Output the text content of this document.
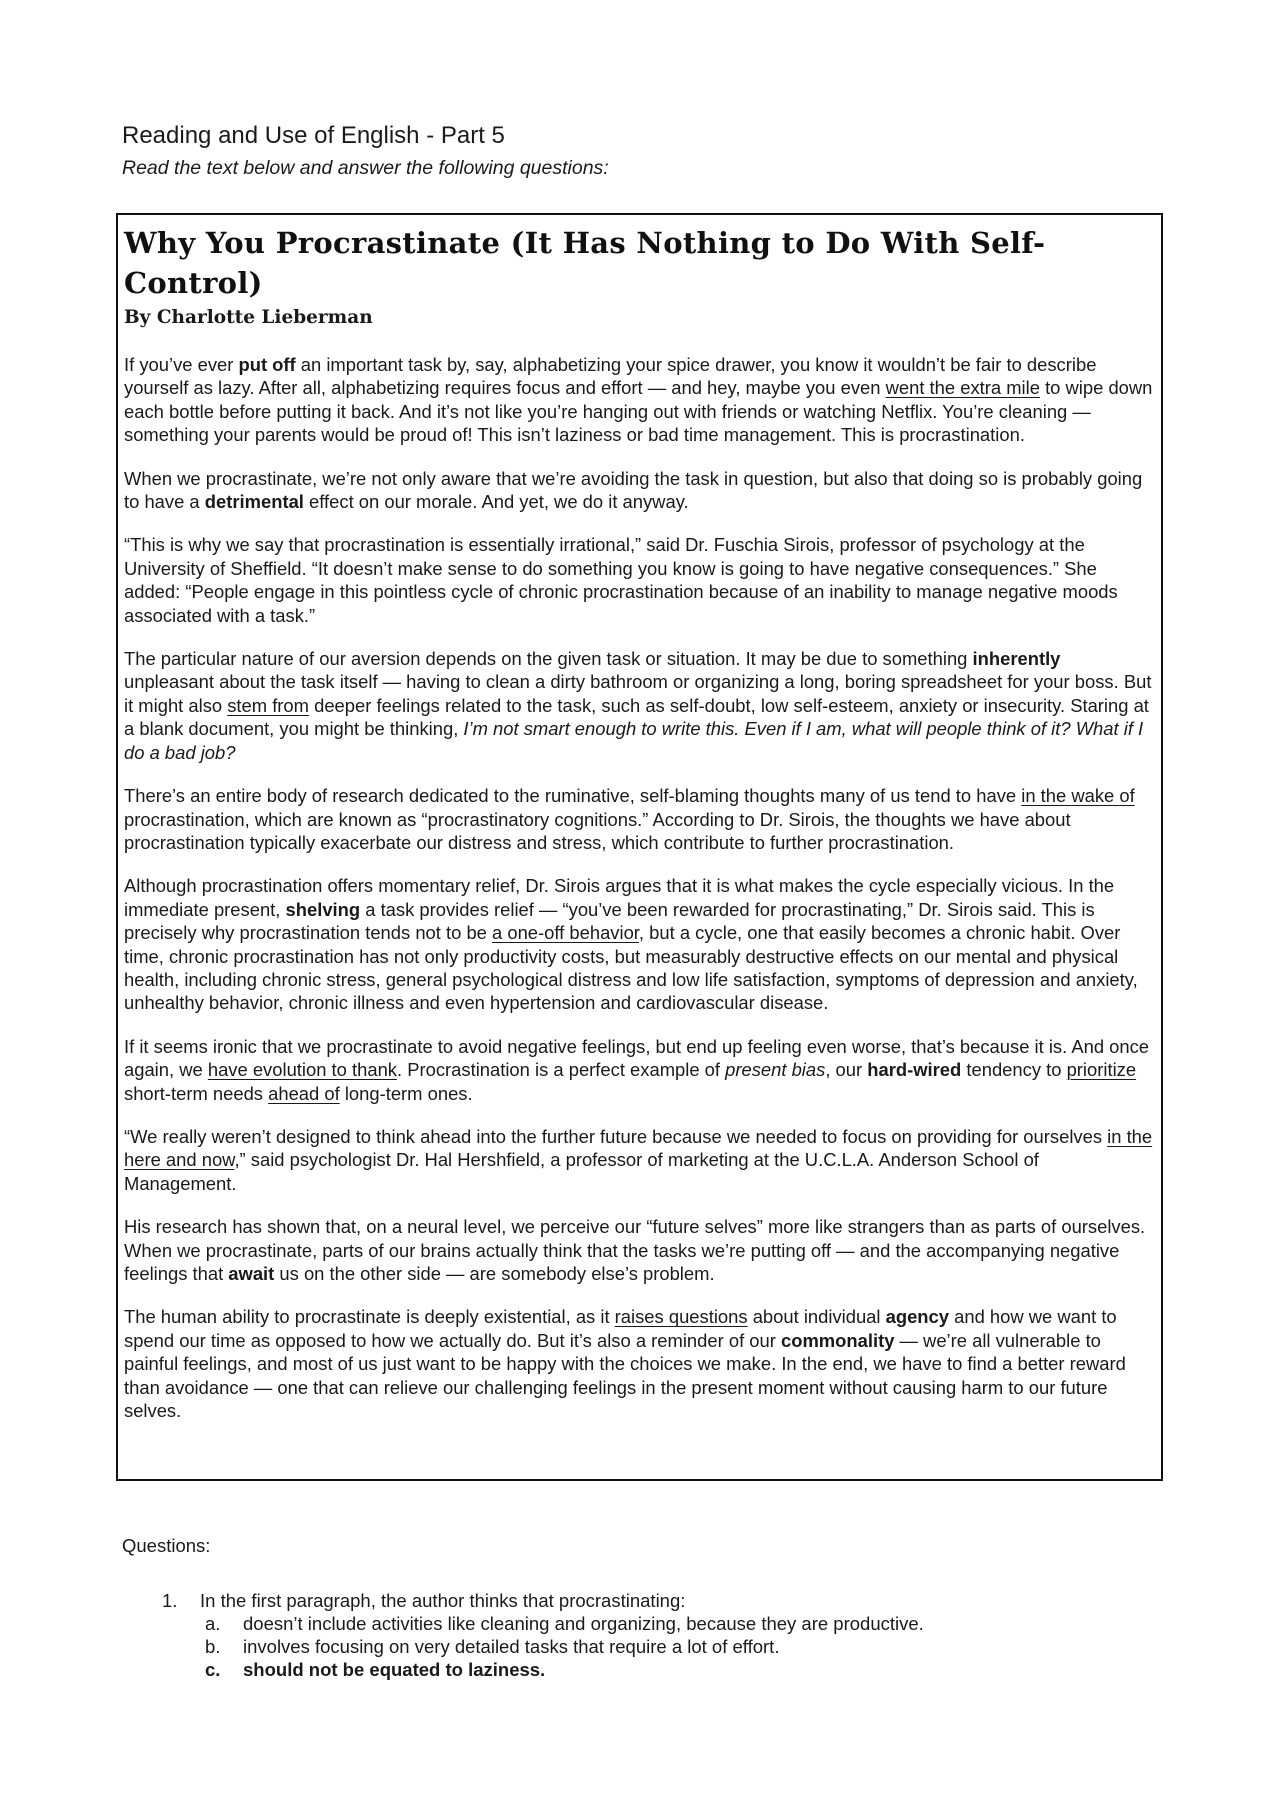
Reading and Use of English - Part 5
Read the text below and answer the following questions:
Why You Procrastinate (It Has Nothing to Do With Self-Control)
By Charlotte Lieberman

If you’ve ever put off an important task by, say, alphabetizing your spice drawer, you know it wouldn’t be fair to describe yourself as lazy. After all, alphabetizing requires focus and effort — and hey, maybe you even went the extra mile to wipe down each bottle before putting it back. And it’s not like you’re hanging out with friends or watching Netflix. You’re cleaning — something your parents would be proud of! This isn’t laziness or bad time management. This is procrastination.

When we procrastinate, we’re not only aware that we’re avoiding the task in question, but also that doing so is probably going to have a detrimental effect on our morale. And yet, we do it anyway.

“This is why we say that procrastination is essentially irrational,” said Dr. Fuschia Sirois, professor of psychology at the University of Sheffield. “It doesn’t make sense to do something you know is going to have negative consequences.” She added: “People engage in this pointless cycle of chronic procrastination because of an inability to manage negative moods associated with a task.”

The particular nature of our aversion depends on the given task or situation. It may be due to something inherently unpleasant about the task itself — having to clean a dirty bathroom or organizing a long, boring spreadsheet for your boss. But it might also stem from deeper feelings related to the task, such as self-doubt, low self-esteem, anxiety or insecurity. Staring at a blank document, you might be thinking, I’m not smart enough to write this. Even if I am, what will people think of it? What if I do a bad job?

There’s an entire body of research dedicated to the ruminative, self-blaming thoughts many of us tend to have in the wake of procrastination, which are known as “procrastinatory cognitions.” According to Dr. Sirois, the thoughts we have about procrastination typically exacerbate our distress and stress, which contribute to further procrastination.

Although procrastination offers momentary relief, Dr. Sirois argues that it is what makes the cycle especially vicious. In the immediate present, shelving a task provides relief — “you’ve been rewarded for procrastinating,” Dr. Sirois said. This is precisely why procrastination tends not to be a one-off behavior, but a cycle, one that easily becomes a chronic habit. Over time, chronic procrastination has not only productivity costs, but measurably destructive effects on our mental and physical health, including chronic stress, general psychological distress and low life satisfaction, symptoms of depression and anxiety, unhealthy behavior, chronic illness and even hypertension and cardiovascular disease.

If it seems ironic that we procrastinate to avoid negative feelings, but end up feeling even worse, that’s because it is. And once again, we have evolution to thank. Procrastination is a perfect example of present bias, our hard-wired tendency to prioritize short-term needs ahead of long-term ones.

“We really weren’t designed to think ahead into the further future because we needed to focus on providing for ourselves in the here and now,” said psychologist Dr. Hal Hershfield, a professor of marketing at the U.C.L.A. Anderson School of Management.

His research has shown that, on a neural level, we perceive our “future selves” more like strangers than as parts of ourselves. When we procrastinate, parts of our brains actually think that the tasks we’re putting off — and the accompanying negative feelings that await us on the other side — are somebody else’s problem.

The human ability to procrastinate is deeply existential, as it raises questions about individual agency and how we want to spend our time as opposed to how we actually do. But it’s also a reminder of our commonality — we’re all vulnerable to painful feelings, and most of us just want to be happy with the choices we make. In the end, we have to find a better reward than avoidance — one that can relieve our challenging feelings in the present moment without causing harm to our future selves.

Questions:
1. In the first paragraph, the author thinks that procrastinating:
a. doesn’t include activities like cleaning and organizing, because they are productive.
b. involves focusing on very detailed tasks that require a lot of effort.
c. should not be equated to laziness.
